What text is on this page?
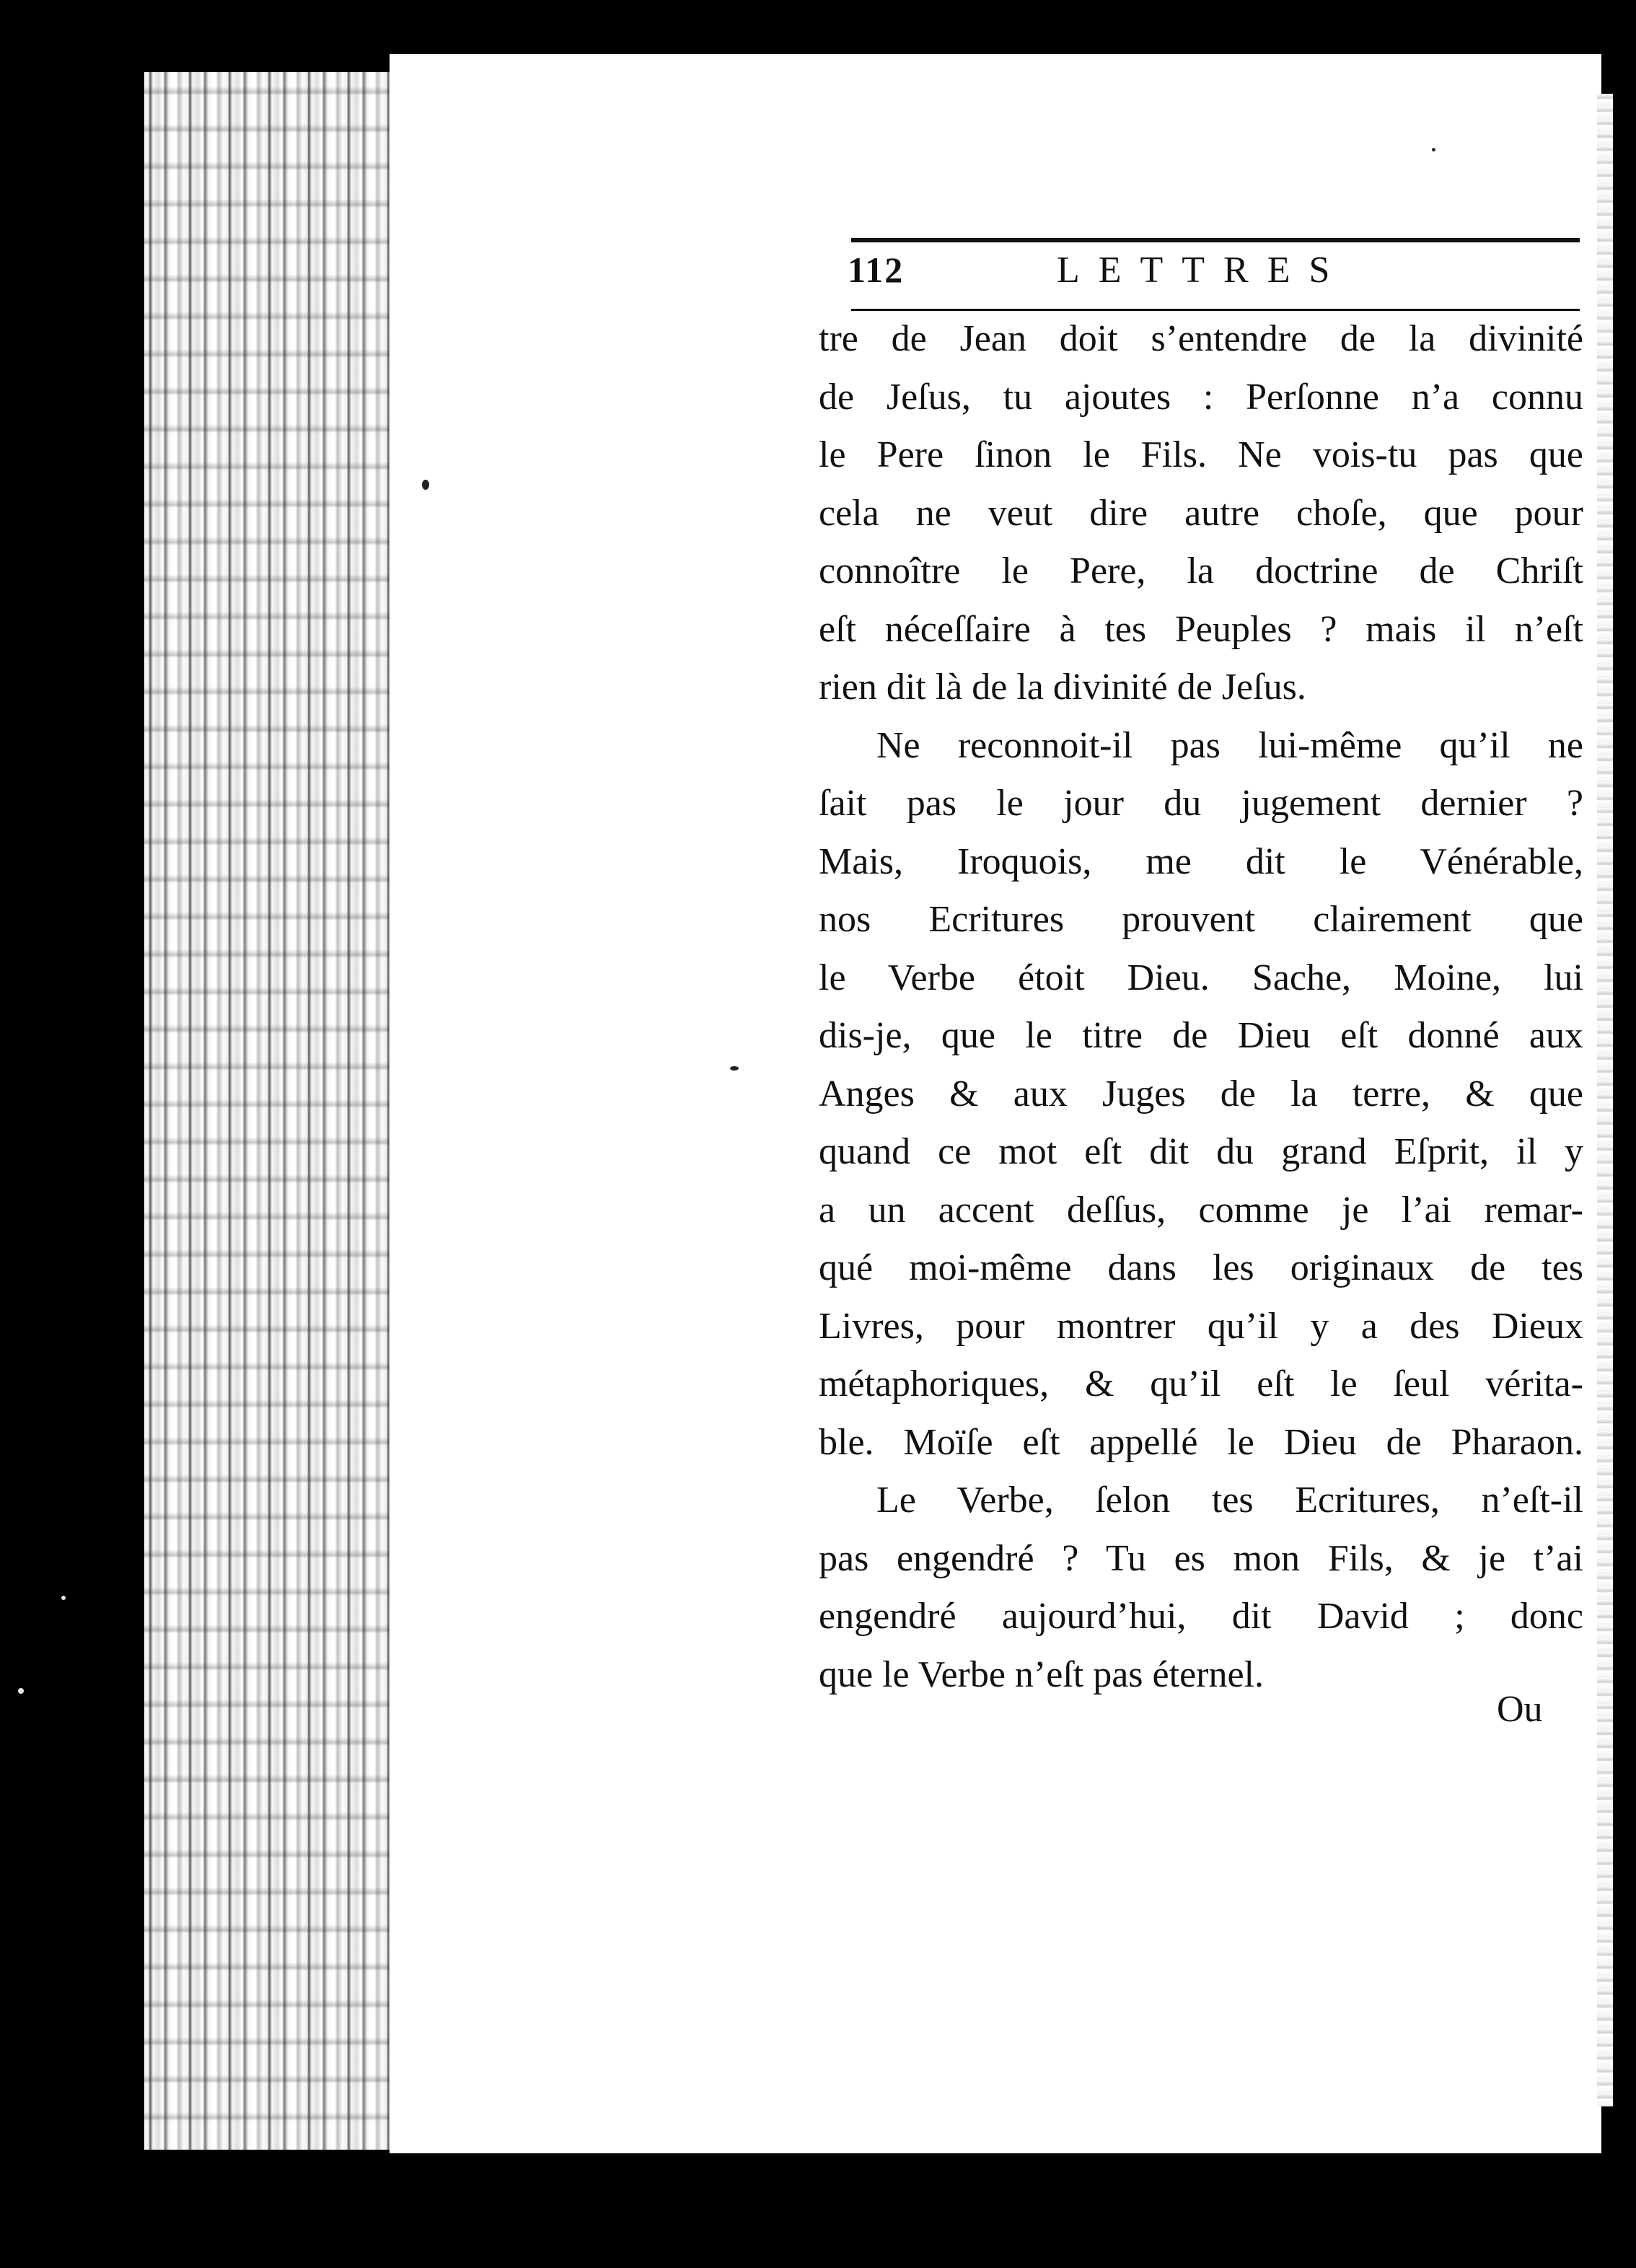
112	LETTRES
tre de Jean doit s’entendre de la divinité
de Jeſus, tu ajoutes : Perſonne n’a connu
le Pere ſinon le Fils. Ne vois-tu pas que
cela ne veut dire autre choſe, que pour
connoître le Pere, la doctrine de Chriſt
eſt néceſſaire à tes Peuples ? mais il n’eſt
rien dit là de la divinité de Jeſus.
Ne reconnoit-il pas lui-même qu’il ne
ſait pas le jour du jugement dernier ?
Mais, Iroquois, me dit le Vénérable,
nos Ecritures prouvent clairement que
le Verbe étoit Dieu. Sache, Moine, lui
dis-je, que le titre de Dieu eſt donné aux
Anges & aux Juges de la terre, & que
quand ce mot eſt dit du grand Eſprit, il y
a un accent deſſus, comme je l’ai remar-
qué moi-même dans les originaux de tes
Livres, pour montrer qu’il y a des Dieux
métaphoriques, & qu’il eſt le ſeul vérita-
ble. Moïſe eſt appellé le Dieu de Pharaon.
Le Verbe, ſelon tes Ecritures, n’eſt-il
pas engendré ? Tu es mon Fils, & je t’ai
engendré aujourd’hui, dit David ; donc
que le Verbe n’eſt pas éternel.
Ou
